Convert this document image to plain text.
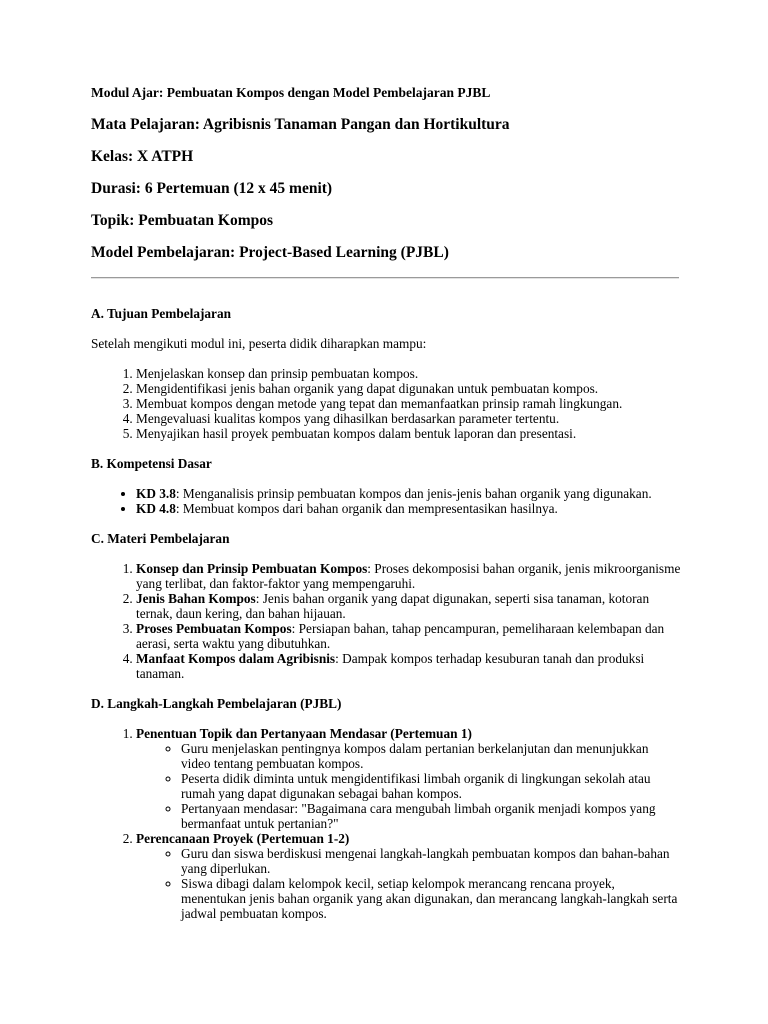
Modul Ajar: Pembuatan Kompos dengan Model Pembelajaran PJBL
Mata Pelajaran: Agribisnis Tanaman Pangan dan Hortikultura
Kelas: X ATPH
Durasi: 6 Pertemuan (12 x 45 menit)
Topik: Pembuatan Kompos
Model Pembelajaran: Project-Based Learning (PJBL)
A. Tujuan Pembelajaran
Setelah mengikuti modul ini, peserta didik diharapkan mampu:
1. Menjelaskan konsep dan prinsip pembuatan kompos.
2. Mengidentifikasi jenis bahan organik yang dapat digunakan untuk pembuatan kompos.
3. Membuat kompos dengan metode yang tepat dan memanfaatkan prinsip ramah lingkungan.
4. Mengevaluasi kualitas kompos yang dihasilkan berdasarkan parameter tertentu.
5. Menyajikan hasil proyek pembuatan kompos dalam bentuk laporan dan presentasi.
B. Kompetensi Dasar
• KD 3.8: Menganalisis prinsip pembuatan kompos dan jenis-jenis bahan organik yang digunakan.
• KD 4.8: Membuat kompos dari bahan organik dan mempresentasikan hasilnya.
C. Materi Pembelajaran
1. Konsep dan Prinsip Pembuatan Kompos: Proses dekomposisi bahan organik, jenis mikroorganisme yang terlibat, dan faktor-faktor yang mempengaruhi.
2. Jenis Bahan Kompos: Jenis bahan organik yang dapat digunakan, seperti sisa tanaman, kotoran ternak, daun kering, dan bahan hijauan.
3. Proses Pembuatan Kompos: Persiapan bahan, tahap pencampuran, pemeliharaan kelembapan dan aerasi, serta waktu yang dibutuhkan.
4. Manfaat Kompos dalam Agribisnis: Dampak kompos terhadap kesuburan tanah dan produksi tanaman.
D. Langkah-Langkah Pembelajaran (PJBL)
1. Penentuan Topik dan Pertanyaan Mendasar (Pertemuan 1)
◦ Guru menjelaskan pentingnya kompos dalam pertanian berkelanjutan dan menunjukkan video tentang pembuatan kompos.
◦ Peserta didik diminta untuk mengidentifikasi limbah organik di lingkungan sekolah atau rumah yang dapat digunakan sebagai bahan kompos.
◦ Pertanyaan mendasar: "Bagaimana cara mengubah limbah organik menjadi kompos yang bermanfaat untuk pertanian?"
2. Perencanaan Proyek (Pertemuan 1-2)
◦ Guru dan siswa berdiskusi mengenai langkah-langkah pembuatan kompos dan bahan-bahan yang diperlukan.
◦ Siswa dibagi dalam kelompok kecil, setiap kelompok merancang rencana proyek, menentukan jenis bahan organik yang akan digunakan, dan merancang langkah-langkah serta jadwal pembuatan kompos.
